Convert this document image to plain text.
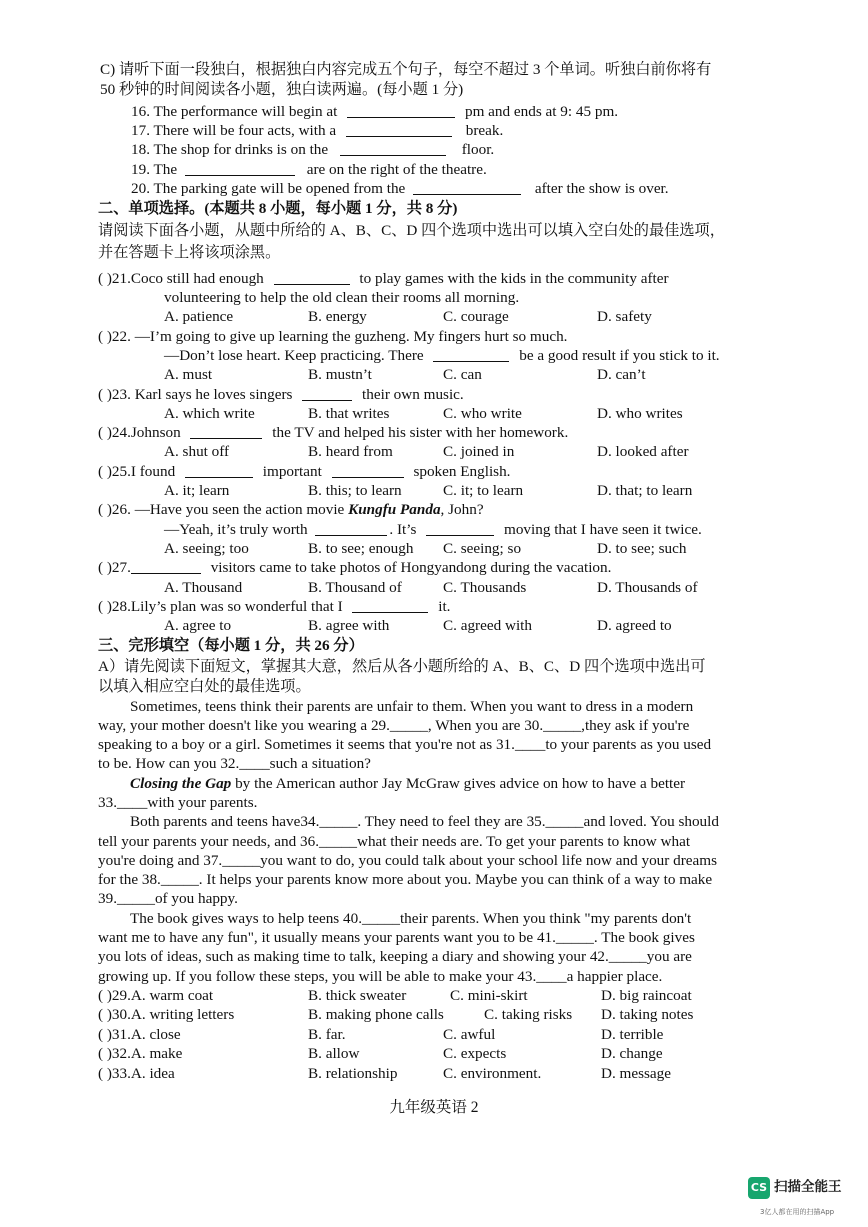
C) 请听下面一段独白，根据独白内容完成五个句子，每空不超过 3 个单词。听独白前你将有
50 秒钟的时间阅读各小题，独白读两遍。(每小题 1 分)
16. The performance will begin at	pm and ends at 9: 45 pm.
17. There will be four acts, with a	break.
18. The shop for drinks is on the	floor.
19. The	are on the right of the theatre.
20. The parking gate will be opened from the	after the show is over.
二、单项选择。(本题共 8 小题，每小题 1 分，共 8 分)
请阅读下面各小题，从题中所给的 A、B、C、D 四个选项中选出可以填入空白处的最佳选项，
并在答题卡上将该项涂黑。
( )21.Coco still had enough	to play games with the kids in the community after
volunteering to help the old clean their rooms all morning.
A. patience	B. energy	C. courage	D. safety
( )22. —I’m going to give up learning the guzheng. My fingers hurt so much.
—Don’t lose heart. Keep practicing. There	be a good result if you stick to it.
A. must	B. mustn’t	C. can	D. can’t
( )23. Karl says he loves singers	their own music.
A. which write	B. that writes	C. who write	D. who writes
( )24.Johnson	the TV and helped his sister with her homework.
A. shut off	B. heard from	C. joined in	D. looked after
( )25.I found	important	spoken English.
A. it; learn	B. this; to learn	C. it; to learn	D. that; to learn
( )26. —Have you seen the action movie Kungfu Panda, John?
—Yeah, it’s truly worth	. It’s	moving that I have seen it twice.
A. seeing; too	B. to see; enough C. seeing; so	D. to see; such
( )27.	visitors came to take photos of Hongyandong during the vacation.
A. Thousand	B. Thousand of	C. Thousands	D. Thousands of
( )28.Lily’s plan was so wonderful that I	it.
A. agree to	B. agree with	C. agreed with	D. agreed to
三、完形填空（每小题 1 分，共 26 分）
A）请先阅读下面短文，掌握其大意，然后从各小题所给的 A、B、C、D 四个选项中选出可
以填入相应空白处的最佳选项。
Sometimes, teens think their parents are unfair to them. When you want to dress in a modern
way, your mother doesn't like you wearing a 29._____, When you are 30._____,they ask if you're
speaking to a boy or a girl. Sometimes it seems that you're not as 31.____to your parents as you used
to be. How can you 32.____such a situation?
Closing the Gap by the American author Jay McGraw gives advice on how to have a better
33.____with your parents.
Both parents and teens have34._____. They need to feel they are 35._____and loved. You should
tell your parents your needs, and 36._____what their needs are. To get your parents to know what
you're doing and 37._____you want to do, you could talk about your school life now and your dreams
for the 38._____. It helps your parents know more about you. Maybe you can think of a way to make
39._____of you happy.
The book gives ways to help teens 40._____their parents. When you think "my parents don't
want me to have any fun", it usually means your parents want you to be 41._____. The book gives
you lots of ideas, such as making time to talk, keeping a diary and showing your 42._____you are
growing up. If you follow these steps, you will be able to make your 43.____a happier place.
( )29.A. warm coat	B. thick sweater	C. mini-skirt	D. big raincoat
( )30.A. writing letters	B. making phone calls	C. taking risks D. taking notes
( )31.A. close	B. far.	C. awful	D. terrible
( )32.A. make	B. allow	C. expects	D. change
( )33.A. idea	B. relationship	C. environment.	D. message
九年级英语 2
CS 扫描全能王
3亿人都在用的扫描App
